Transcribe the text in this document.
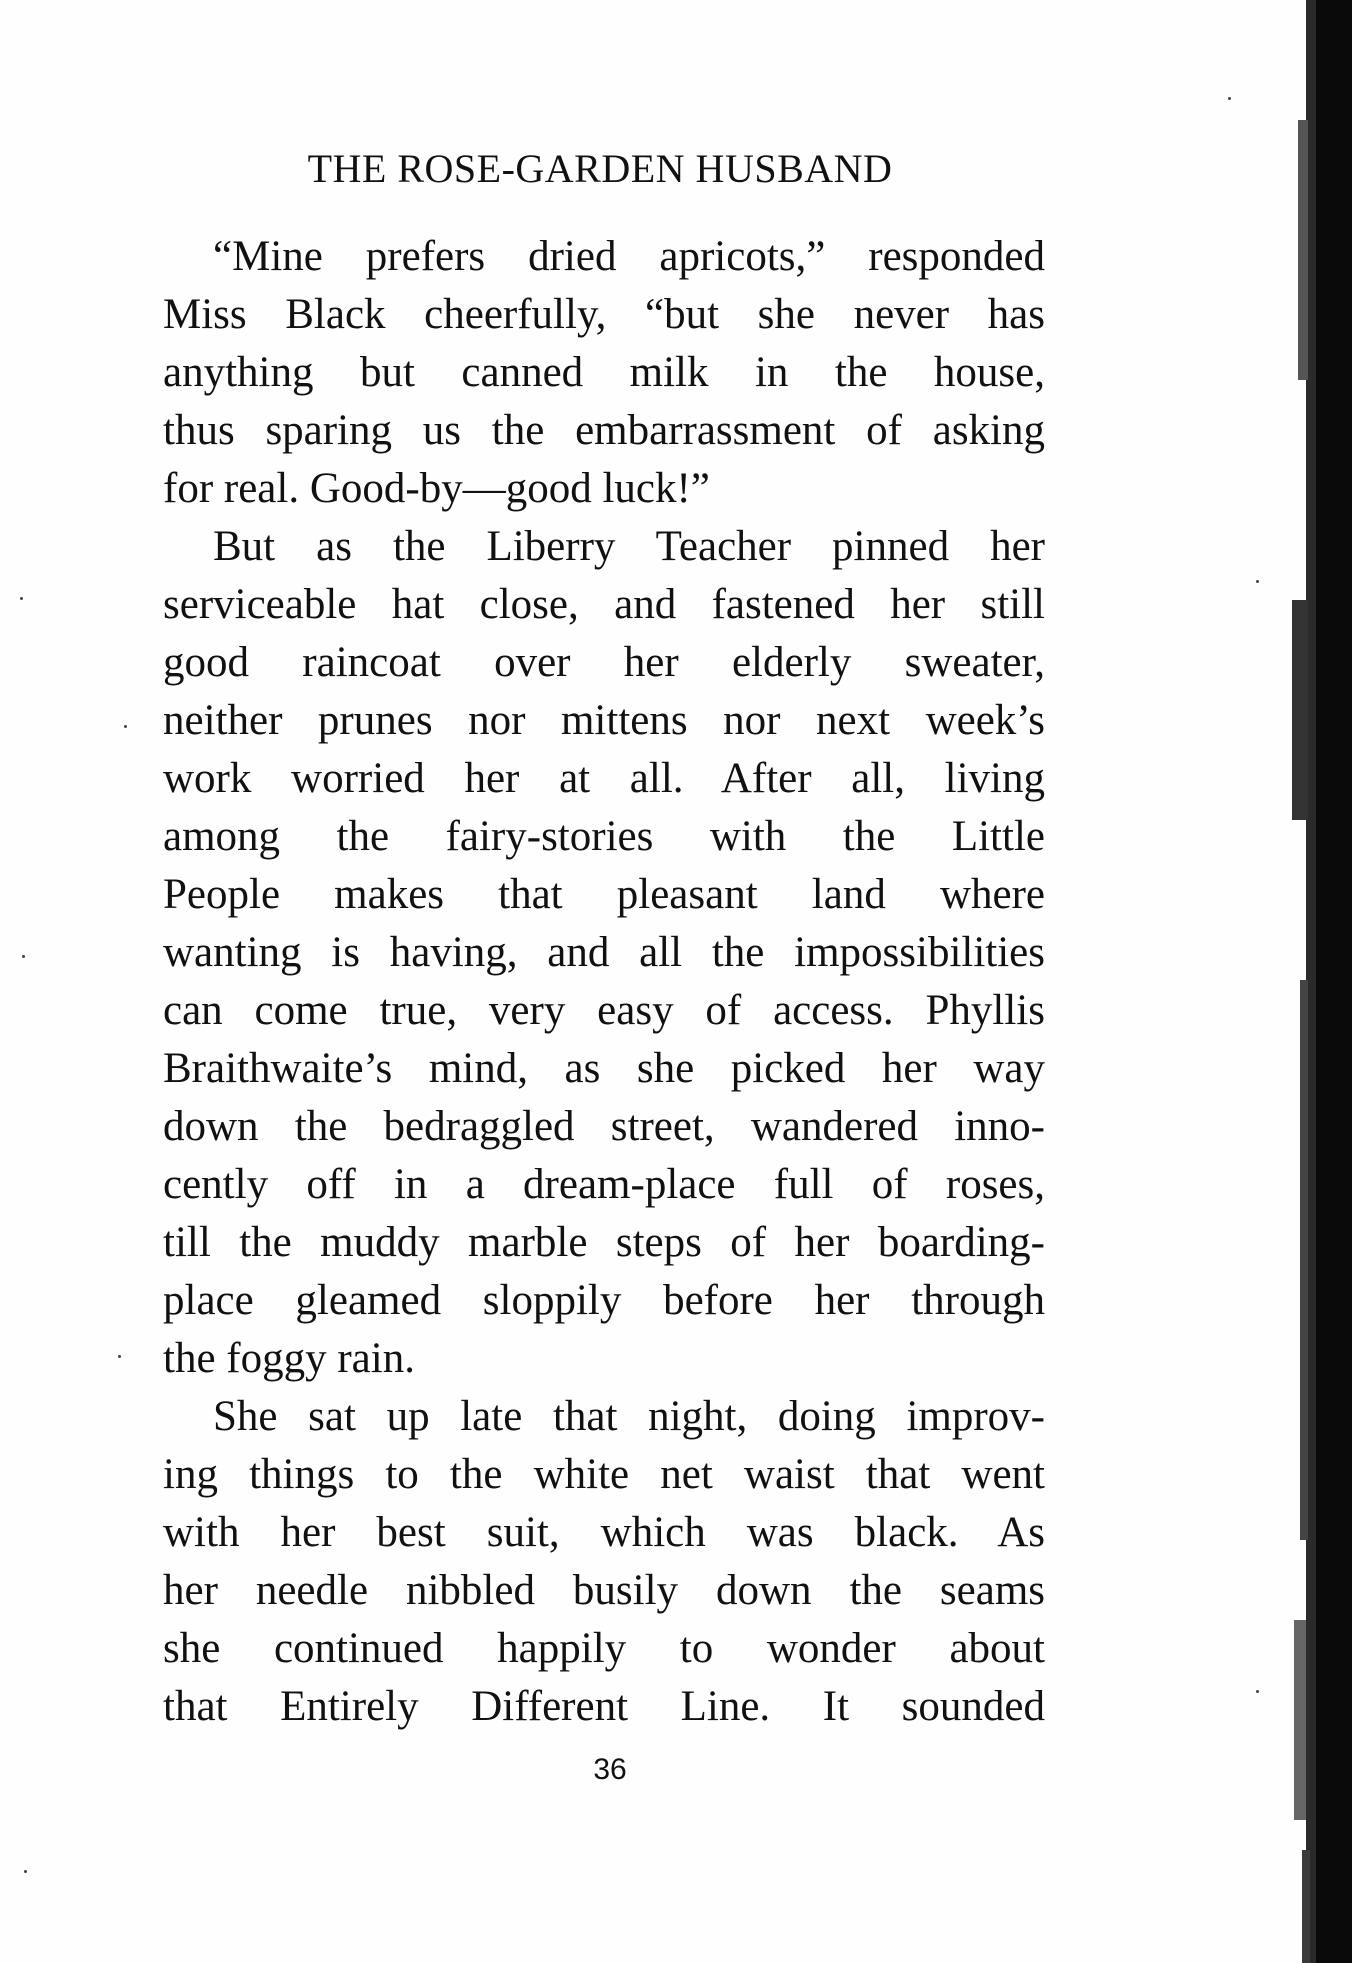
THE ROSE-GARDEN HUSBAND
“Mine prefers dried apricots,” responded
Miss Black cheerfully, “but she never has
anything but canned milk in the house,
thus sparing us the embarrassment of asking
for real. Good-by—good luck!”
But as the Liberry Teacher pinned her
serviceable hat close, and fastened her still
good raincoat over her elderly sweater,
neither prunes nor mittens nor next week’s
work worried her at all. After all, living
among the fairy-stories with the Little
People makes that pleasant land where
wanting is having, and all the impossibilities
can come true, very easy of access. Phyllis
Braithwaite’s mind, as she picked her way
down the bedraggled street, wandered inno-
cently off in a dream-place full of roses,
till the muddy marble steps of her boarding-
place gleamed sloppily before her through
the foggy rain.
She sat up late that night, doing improv-
ing things to the white net waist that went
with her best suit, which was black. As
her needle nibbled busily down the seams
she continued happily to wonder about
that Entirely Different Line. It sounded
36
